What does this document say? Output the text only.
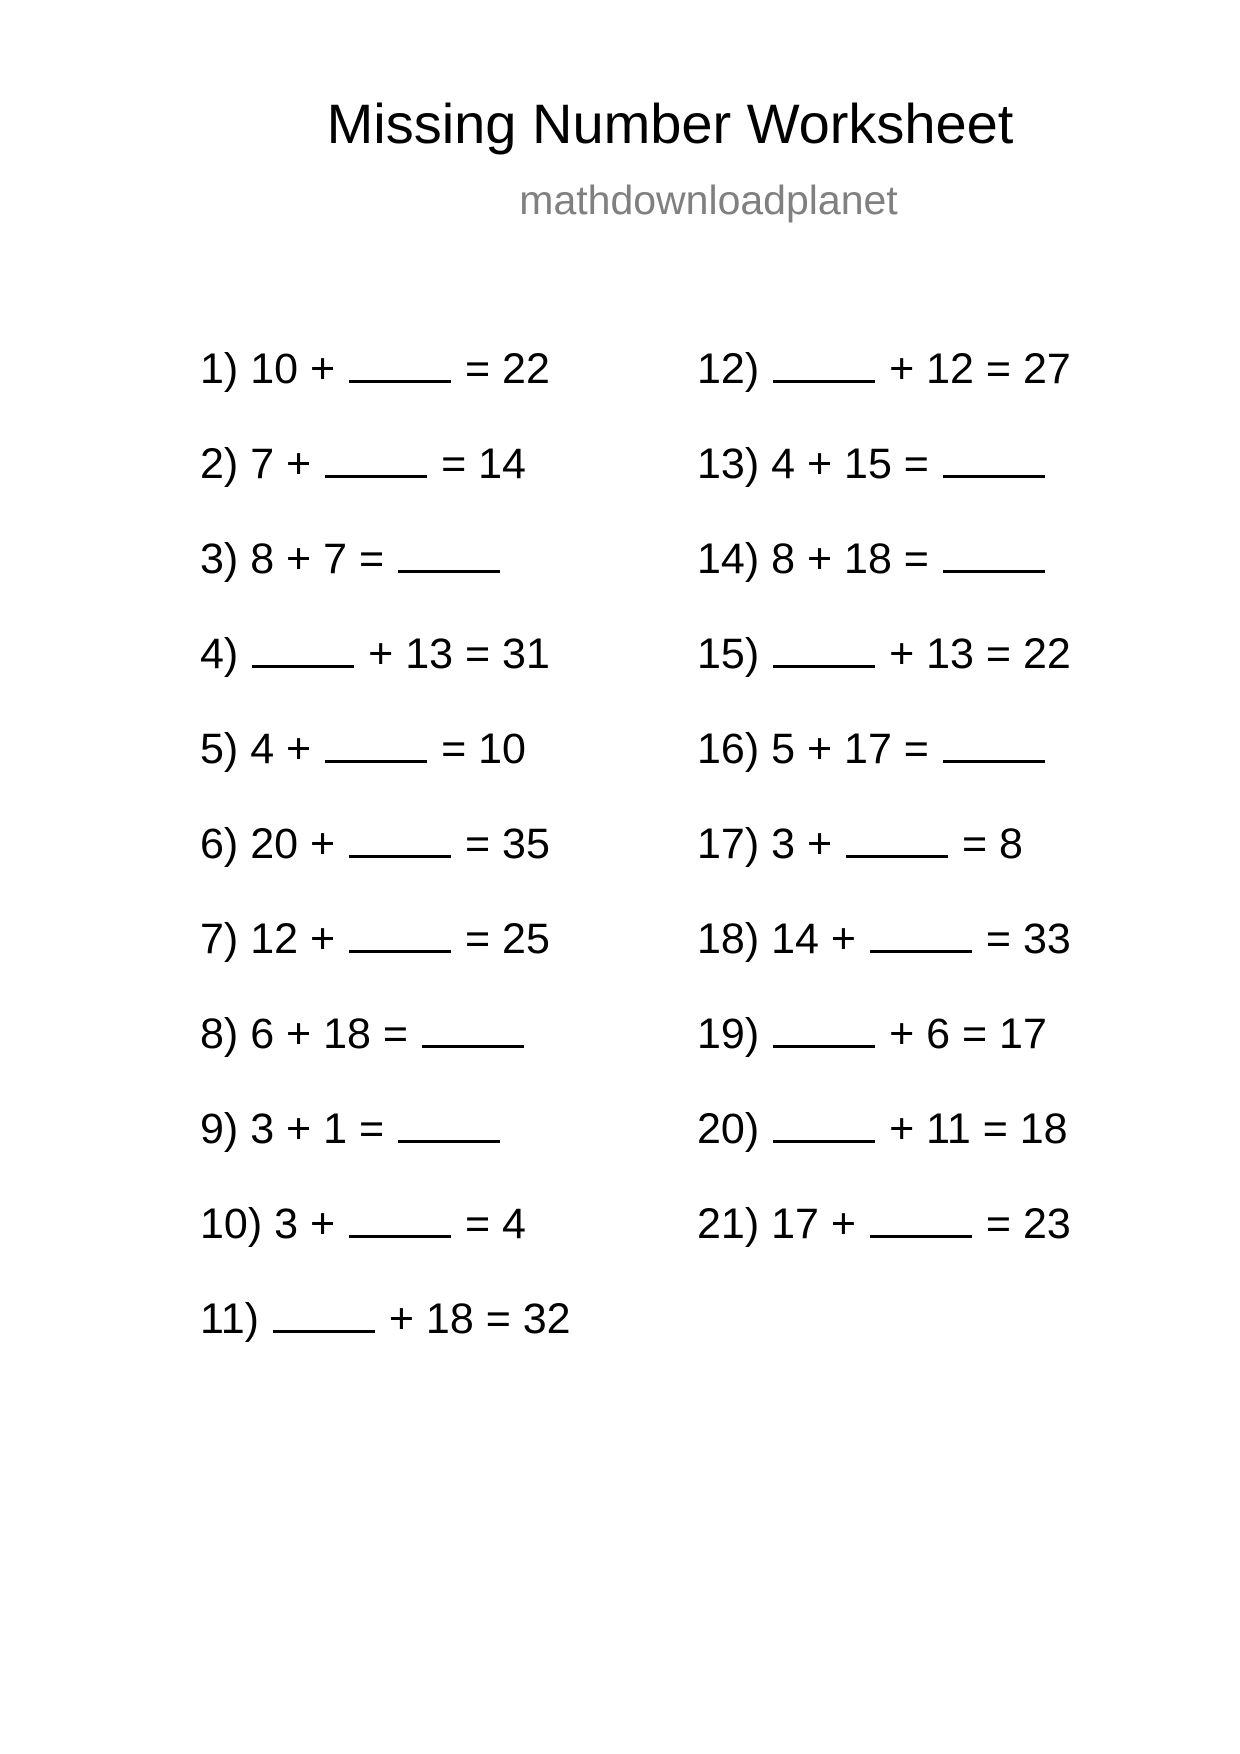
Missing Number Worksheet
mathdownloadplanet
1) 10 +	= 22
2) 7 +	= 14
3) 8 + 7 =
4)	+ 13 = 31
5) 4 +	= 10
6) 20 +	= 35
7) 12 +	= 25
8) 6 + 18 =
9) 3 + 1 =
10) 3 +	= 4
11)	+ 18 = 32
12)	+ 12 = 27
13) 4 + 15 =
14) 8 + 18 =
15)	+ 13 = 22
16) 5 + 17 =
17) 3 +	= 8
18) 14 +	= 33
19)	+ 6 = 17
20)	+ 11 = 18
21) 17 +	= 23
